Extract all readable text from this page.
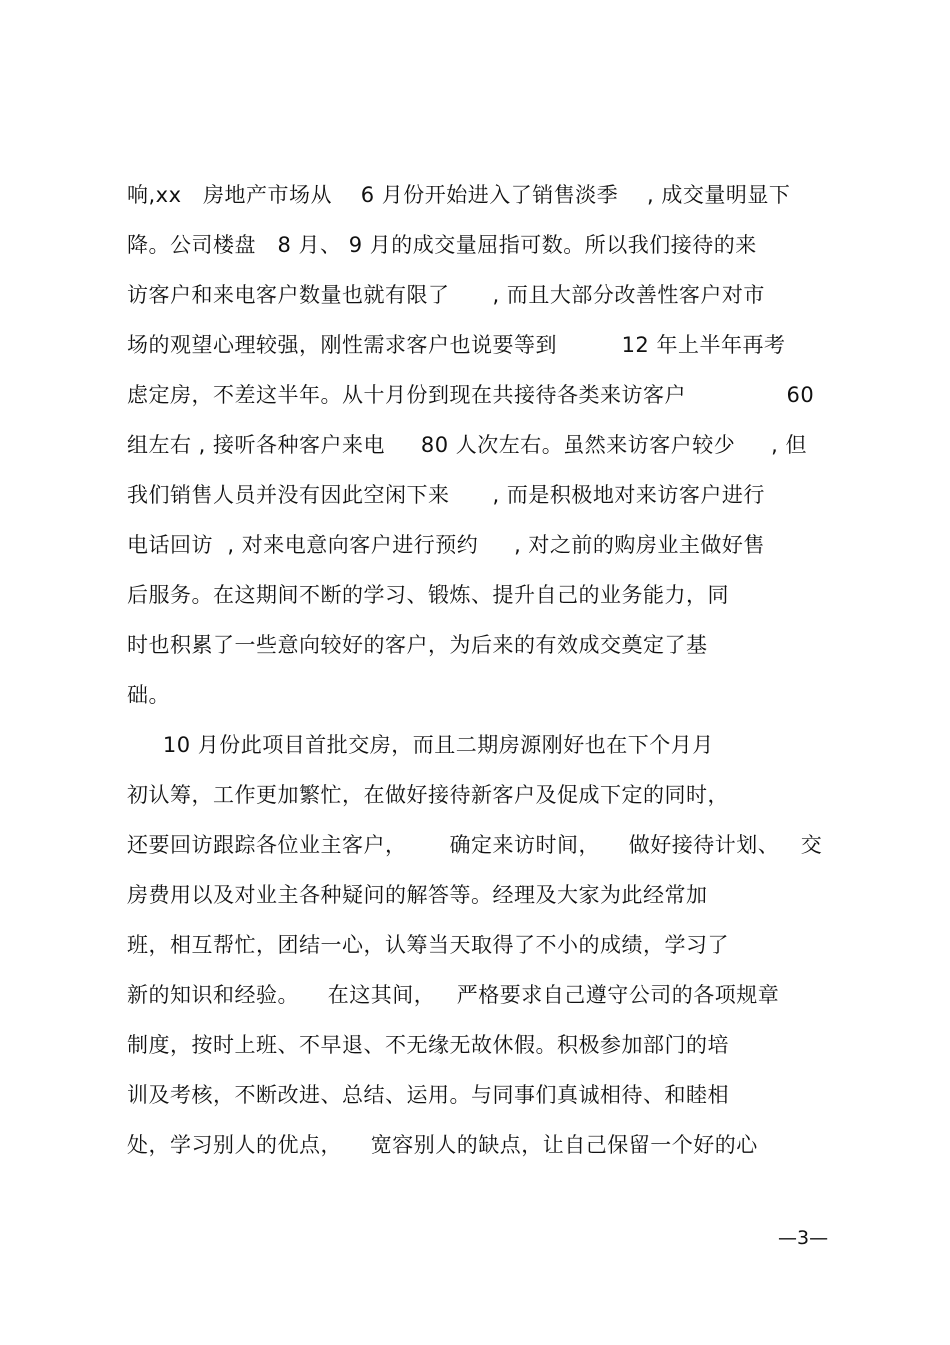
响,xx   房地产市场从    6 月份开始进入了销售淡季    , 成交量明显下
降。公司楼盘   8 月、 9 月的成交量屈指可数。所以我们接待的来
访客户和来电客户数量也就有限了      , 而且大部分改善性客户对市
场的观望心理较强，刚性需求客户也说要等到         12 年上半年再考
虑定房，不差这半年。从十月份到现在共接待各类来访客户              60
组左右 , 接听各种客户来电     80 人次左右。虽然来访客户较少     , 但
我们销售人员并没有因此空闲下来      , 而是积极地对来访客户进行
电话回访  , 对来电意向客户进行预约     , 对之前的购房业主做好售
后服务。在这期间不断的学习、锻炼、提升自己的业务能力，同
时也积累了一些意向较好的客户，为后来的有效成交奠定了基
础。
10 月份此项目首批交房，而且二期房源刚好也在下个月月
初认筹，工作更加繁忙，在做好接待新客户及促成下定的同时，
还要回访跟踪各位业主客户，      确定来访时间，    做好接待计划、   交
房费用以及对业主各种疑问的解答等。经理及大家为此经常加
班，相互帮忙，团结一心，认筹当天取得了不小的成绩，学习了
新的知识和经验。    在这其间，   严格要求自己遵守公司的各项规章
制度，按时上班、不早退、不无缘无故休假。积极参加部门的培
训及考核，不断改进、总结、运用。与同事们真诚相待、和睦相
处，学习别人的优点，    宽容别人的缺点，让自己保留一个好的心
—3—
